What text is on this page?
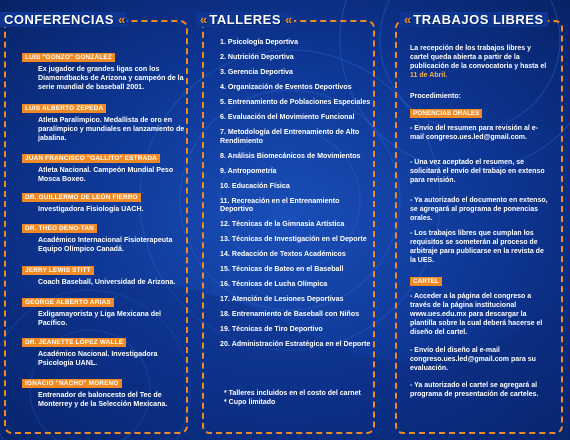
CONFERENCIAS «	« TALLERES «	« TRABAJOS LIBRES
LUIS "GONZO" GONZÁLEZ
Ex jugador de grandes ligas con los Diamondbacks de Arizona y campeón de la serie mundial de baseball 2001.
LUIS ALBERTO ZEPEDA
Atleta Paralímpico. Medallista de oro en paralímpico y mundiales en lanzamiento de jabalina.
JUAN FRANCISCO "GALLITO" ESTRADA
Atleta Nacional. Campeón Mundial Peso Mosca Boxeo.
DR. GUILLERMO DE LEÓN FIERRO
Investigadora Fisiología UACH.
DR. THEO DENO-TAN
Académico Internacional Fisioterapeuta Equipo Olímpico Canadá.
JERRY LEWIS STITT
Coach Baseball, Universidad de Arizona.
GEORGE ALBERTO ARIAS
Exligamayorista y Liga Mexicana del Pacífico.
DR. JEANETTE LÓPEZ WALLE
Académico Nacional. Investigadora Psicología UANL.
IGNACIO "NACHO" MORENO
Entrenador de baloncesto del Tec de Monterrey y de la Selección Mexicana.
1. Psicología Deportiva
2. Nutrición Deportiva
3. Gerencia Deportiva
4. Organización de Eventos Deportivos
5. Entrenamiento de Poblaciones Especiales
6. Evaluación del Movimiento Funcional
7. Metodología del Entrenamiento de Alto Rendimiento
8. Análisis Biomecánicos de Movimientos
9. Antropometría
10. Educación Física
11. Recreación en el Entrenamiento Deportivo
12. Técnicas de la Gimnasia Artística
13. Técnicas de Investigación en el Deporte
14. Redacción de Textos Académicos
15. Técnicas de Bateo en el Baseball
16. Técnicas de Lucha Olímpica
17. Atención de Lesiones Deportivas
18. Entrenamiento de Baseball con Niños
19. Técnicas de Tiro Deportivo
20. Administración Estratégica en el Deporte
* Talleres incluidos en el costo del carnet
* Cupo limitado
La recepción de los trabajos libres y cartel queda abierta a partir de la publicación de la convocatoria y hasta el 11 de Abril.
Procedimiento:
PONENCIAS ORALES
- Envío del resumen para revisión al e-mail congreso.ues.led@gmail.com.
- Una vez aceptado el resumen, se solicitará el envío del trabajo en extenso para revisión.
- Ya autorizado el documento en extenso, se agregará al programa de ponencias orales.
- Los trabajos libres que cumplan los requisitos se someterán al proceso de arbitraje para publicarse en la revista de la UES.
CARTEL
- Acceder a la página del congreso a través de la página institucional www.ues.edu.mx para descargar la plantilla sobre la cual deberá hacerse el diseño del cartel.
- Envío del diseño al e-mail congreso.ues.led@gmail.com para su evaluación.
- Ya autorizado el cartel se agregará al programa de presentación de carteles.
